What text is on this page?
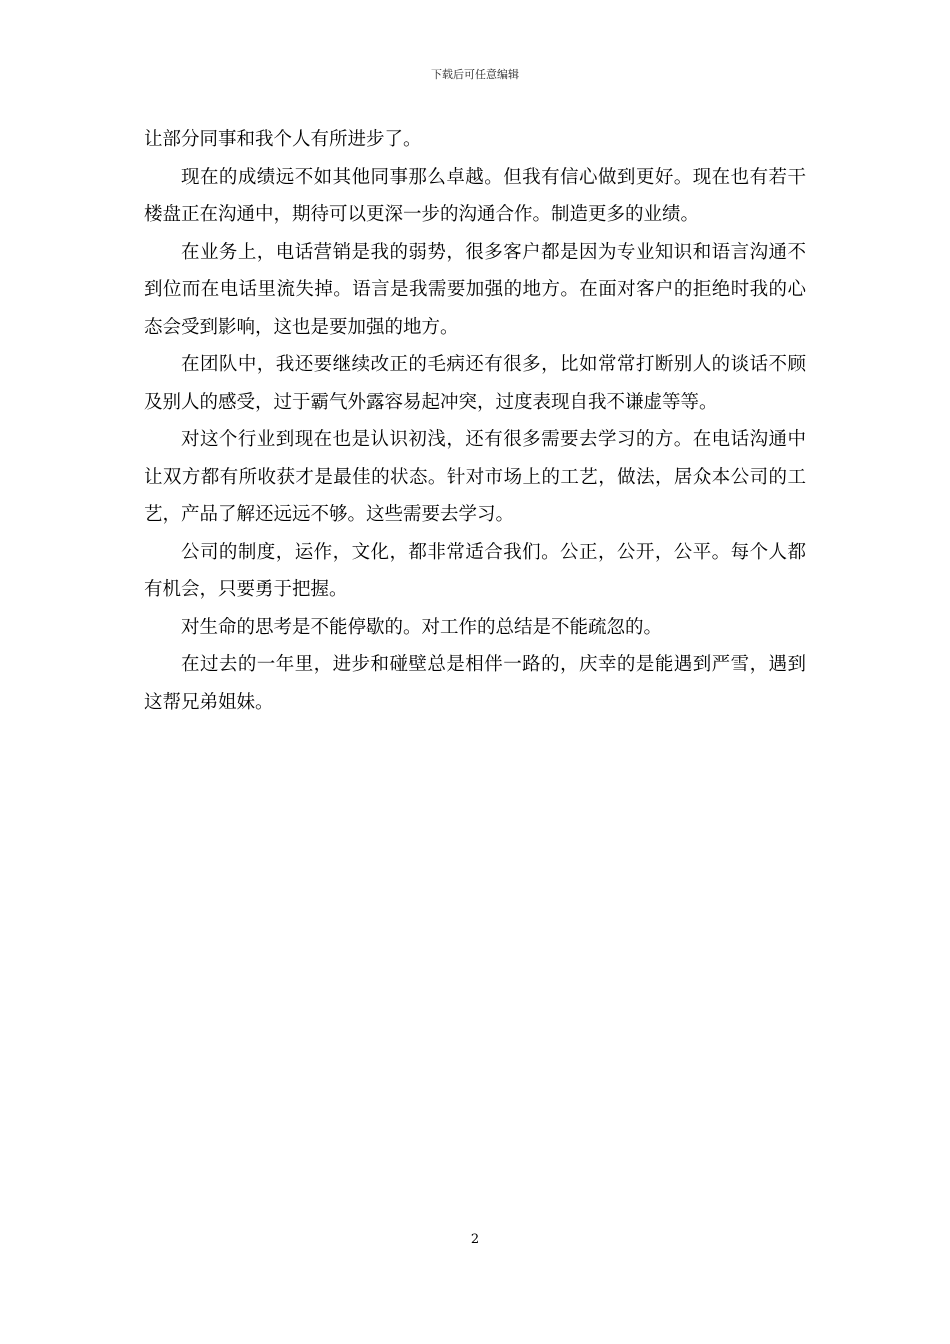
下载后可任意编辑

让部分同事和我个人有所进步了。

现在的成绩远不如其他同事那么卓越。但我有信心做到更好。现在也有若干楼盘正在沟通中，期待可以更深一步的沟通合作。制造更多的业绩。

在业务上，电话营销是我的弱势，很多客户都是因为专业知识和语言沟通不到位而在电话里流失掉。语言是我需要加强的地方。在面对客户的拒绝时我的心态会受到影响，这也是要加强的地方。

在团队中，我还要继续改正的毛病还有很多，比如常常打断别人的谈话不顾及别人的感受，过于霸气外露容易起冲突，过度表现自我不谦虚等等。

对这个行业到现在也是认识初浅，还有很多需要去学习的方。在电话沟通中让双方都有所收获才是最佳的状态。针对市场上的工艺，做法，居众本公司的工艺，产品了解还远远不够。这些需要去学习。

公司的制度，运作，文化，都非常适合我们。公正，公开，公平。每个人都有机会，只要勇于把握。

对生命的思考是不能停歇的。对工作的总结是不能疏忽的。

在过去的一年里，进步和碰壁总是相伴一路的，庆幸的是能遇到严雪，遇到这帮兄弟姐妹。

2
